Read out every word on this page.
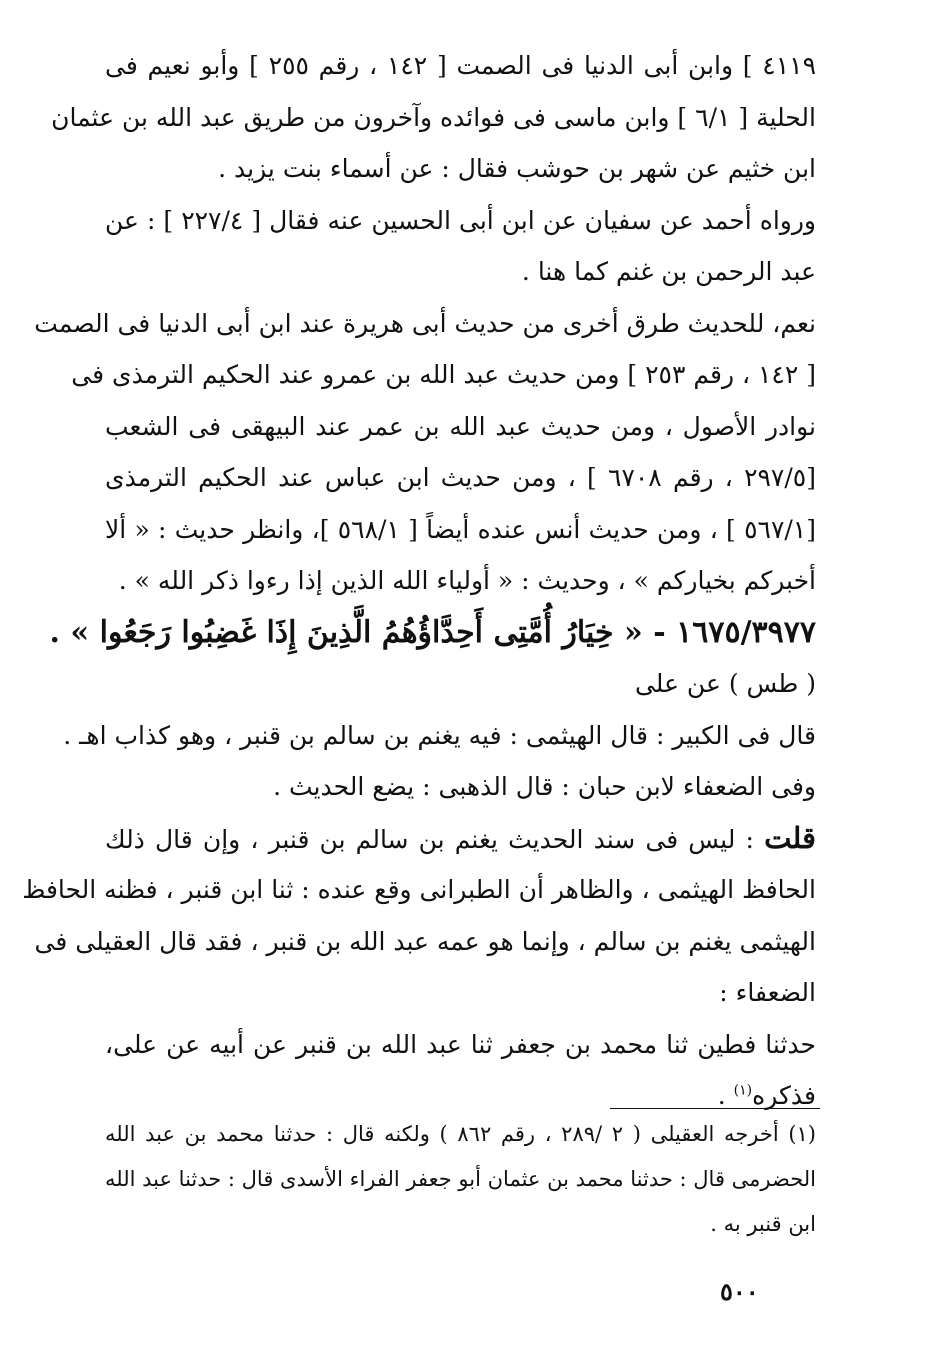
٤١١٩ ] وابن أبى الدنيا فى الصمت [ ١٤٢ ، رقم ٢٥٥ ] وأبو نعيم فى
الحلية [ ٦/١ ] وابن ماسى فى فوائده وآخرون من طريق عبد الله بن عثمان
ابن خثيم عن شهر بن حوشب فقال : عن أسماء بنت يزيد .
ورواه أحمد عن سفيان عن ابن أبى الحسين عنه فقال [ ٢٢٧/٤ ] : عن
عبد الرحمن بن غنم كما هنا .
نعم، للحديث طرق أخرى من حديث أبى هريرة عند ابن أبى الدنيا فى الصمت
[ ١٤٢ ، رقم ٢٥٣ ] ومن حديث عبد الله بن عمرو عند الحكيم الترمذى فى
نوادر الأصول ، ومن حديث عبد الله بن عمر عند البيهقى فى الشعب
[٢٩٧/٥ ، رقم ٦٧٠٨ ] ، ومن حديث ابن عباس عند الحكيم الترمذى
[٥٦٧/١ ] ، ومن حديث أنس عنده أيضاً [ ٥٦٨/١ ]، وانظر حديث : « ألا
أخبركم بخياركم » ، وحديث : « أولياء الله الذين إذا رءوا ذكر الله » .
١٦٧٥/٣٩٧٧ - « خِيَارُ أُمَّتِى أَحِدَّاؤُهُمُ الَّذِينَ إِذَا غَضِبُوا رَجَعُوا » .
( طس ) عن على
قال فى الكبير : قال الهيثمى : فيه يغنم بن سالم بن قنبر ، وهو كذاب اهـ .
وفى الضعفاء لابن حبان : قال الذهبى : يضع الحديث .
قلت : ليس فى سند الحديث يغنم بن سالم بن قنبر ، وإن قال ذلك
الحافظ الهيثمى ، والظاهر أن الطبرانى وقع عنده : ثنا ابن قنبر ، فظنه الحافظ
الهيثمى يغنم بن سالم ، وإنما هو عمه عبد الله بن قنبر ، فقد قال العقيلى فى
الضعفاء :
حدثنا فطين ثنا محمد بن جعفر ثنا عبد الله بن قنبر عن أبيه عن على،
فذكره$^{(١)}$ .
(١) أخرجه العقيلى ( ٢ /٢٨٩ ، رقم ٨٦٢ ) ولكنه قال : حدثنا محمد بن عبد الله
الحضرمى قال : حدثنا محمد بن عثمان أبو جعفر الفراء الأسدى قال : حدثنا عبد الله
ابن قنبر به .
٥٠٠
